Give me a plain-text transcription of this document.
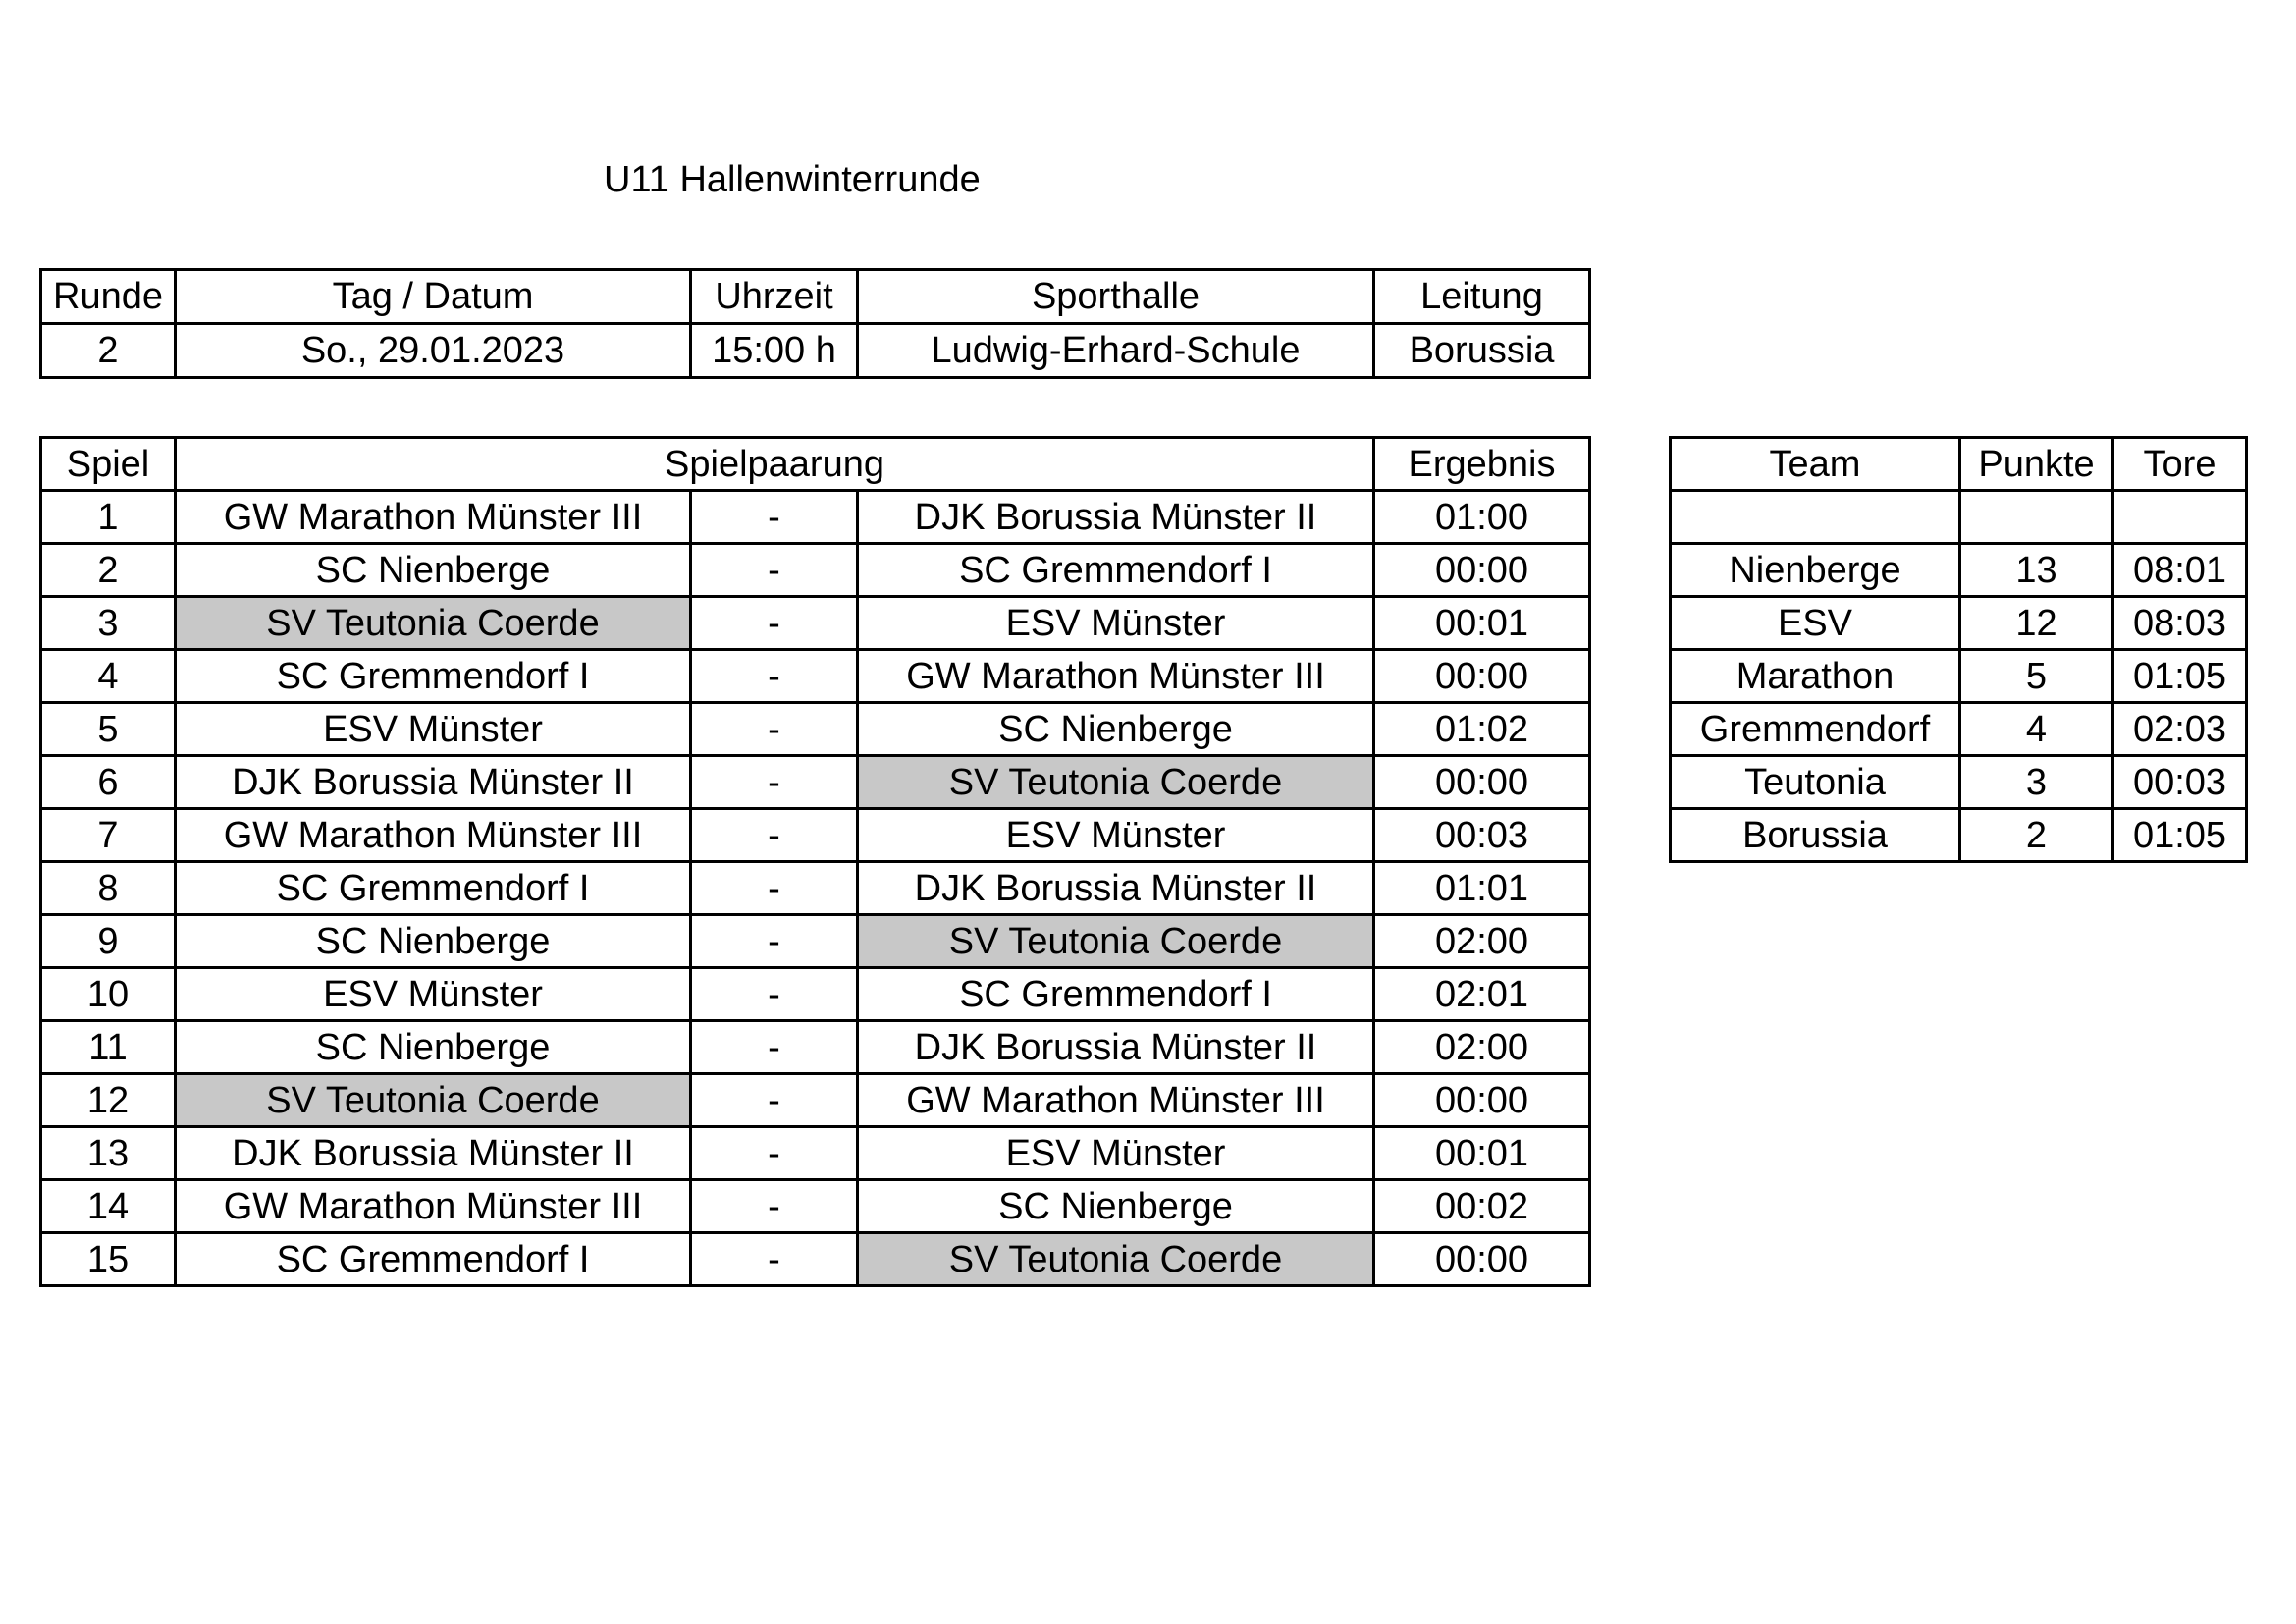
U11 Hallenwinterrunde
Runde	Tag / Datum	Uhrzeit	Sporthalle	Leitung
2	So., 29.01.2023	15:00 h	Ludwig-Erhard-Schule	Borussia
Spiel	Spielpaarung			Ergebnis
1	GW Marathon Münster III	-	DJK Borussia Münster II	01:00
2	SC Nienberge	-	SC Gremmendorf I	00:00
3	SV Teutonia Coerde	-	ESV Münster	00:01
4	SC Gremmendorf I	-	GW Marathon Münster III	00:00
5	ESV Münster	-	SC Nienberge	01:02
6	DJK Borussia Münster II	-	SV Teutonia Coerde	00:00
7	GW Marathon Münster III	-	ESV Münster	00:03
8	SC Gremmendorf I	-	DJK Borussia Münster II	01:01
9	SC Nienberge	-	SV Teutonia Coerde	02:00
10	ESV Münster	-	SC Gremmendorf I	02:01
11	SC Nienberge	-	DJK Borussia Münster II	02:00
12	SV Teutonia Coerde	-	GW Marathon Münster III	00:00
13	DJK Borussia Münster II	-	ESV Münster	00:01
14	GW Marathon Münster III	-	SC Nienberge	00:02
15	SC Gremmendorf I	-	SV Teutonia Coerde	00:00
Team	Punkte	Tore

Nienberge	13	08:01
ESV	12	08:03
Marathon	5	01:05
Gremmendorf	4	02:03
Teutonia	3	00:03
Borussia	2	01:05
